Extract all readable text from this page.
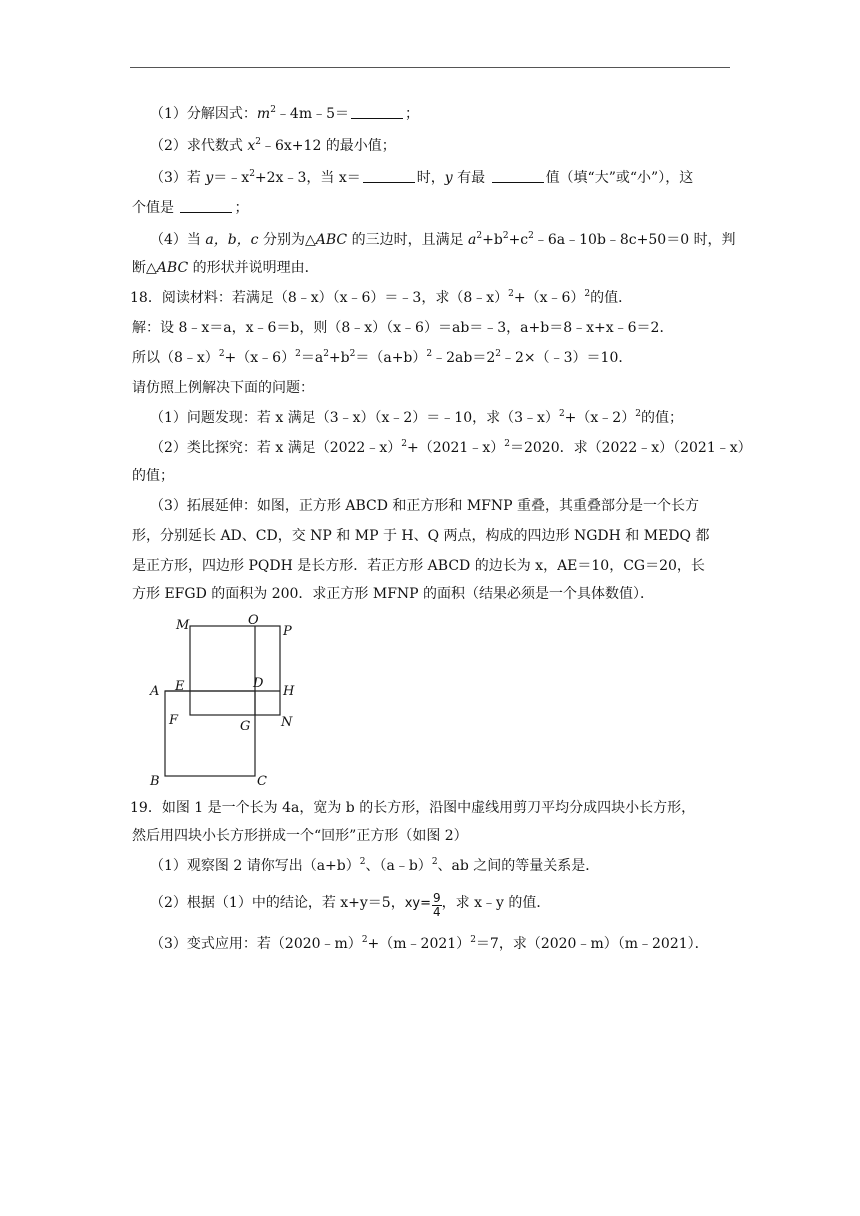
（1）分解因式：$m^2﹣4m﹣5=$	；
（2）求代数式 $x^2﹣6x+12$ 的最小值；
（3）若 $y=﹣x^2+2x﹣3$，当 x＝	时，y 有最	值（填“大”或“小”），这
个值是	；
（4）当 a，b，c 分别为△ABC 的三边时，且满足 $a^2+b^2+c^2﹣6a﹣10b﹣8c+50=0$ 时，判
断△ABC 的形状并说明理由．
18．阅读材料：若满足（8﹣x）（x﹣6）＝﹣3，求（8﹣x）$^2$+（x﹣6）$^2$的值．
解：设 8﹣x＝a，x﹣6＝b，则（8﹣x）（x﹣6）＝ab＝﹣3，a+b＝8﹣x+x﹣6＝2．
所以$(8﹣x)^2+(x﹣6)^2=a^2+b^2=(a+b)^2﹣2ab=2^2﹣2\times(﹣3)=10$．
请仿照上例解决下面的问题：
（1）问题发现：若 x 满足（3﹣x）（x﹣2）＝﹣10，求（3﹣x）$^2$+（x﹣2）$^2$的值；
（2）类比探究：若 x 满足（2022﹣x）$^2$+（2021﹣x）$^2$＝2020．求（2022﹣x）（2021﹣x）
的值；
（3）拓展延伸：如图，正方形 ABCD 和正方形和 MFNP 重叠，其重叠部分是一个长方
形，分别延长 AD、CD，交 NP 和 MP 于 H、Q 两点，构成的四边形 NGDH 和 MEDQ 都
是正方形，四边形 PQDH 是长方形．若正方形 ABCD 的边长为 x，AE＝10，CG＝20，长
方形 EFGD 的面积为 200．求正方形 MFNP 的面积（结果必须是一个具体数值）．
M	O
P
A E	D
H
F	G N
B	C
19．如图 1 是一个长为 4a，宽为 b 的长方形，沿图中虚线用剪刀平均分成四块小长方形，
然后用四块小长方形拼成一个“回形”正方形（如图 2）
（1）观察图 2 请你写出$(a+b)^2$、（a﹣b）$^2$、ab 之间的等量关系是．
（2）根据（1）中的结论，若 x+y＝5，$xy= \frac{9}{4}$ ，求 x﹣y 的值．
（3）变式应用：若（2020﹣m）$^2$+（m﹣2021）$^2$＝7，求（2020﹣m）（m﹣2021）．
